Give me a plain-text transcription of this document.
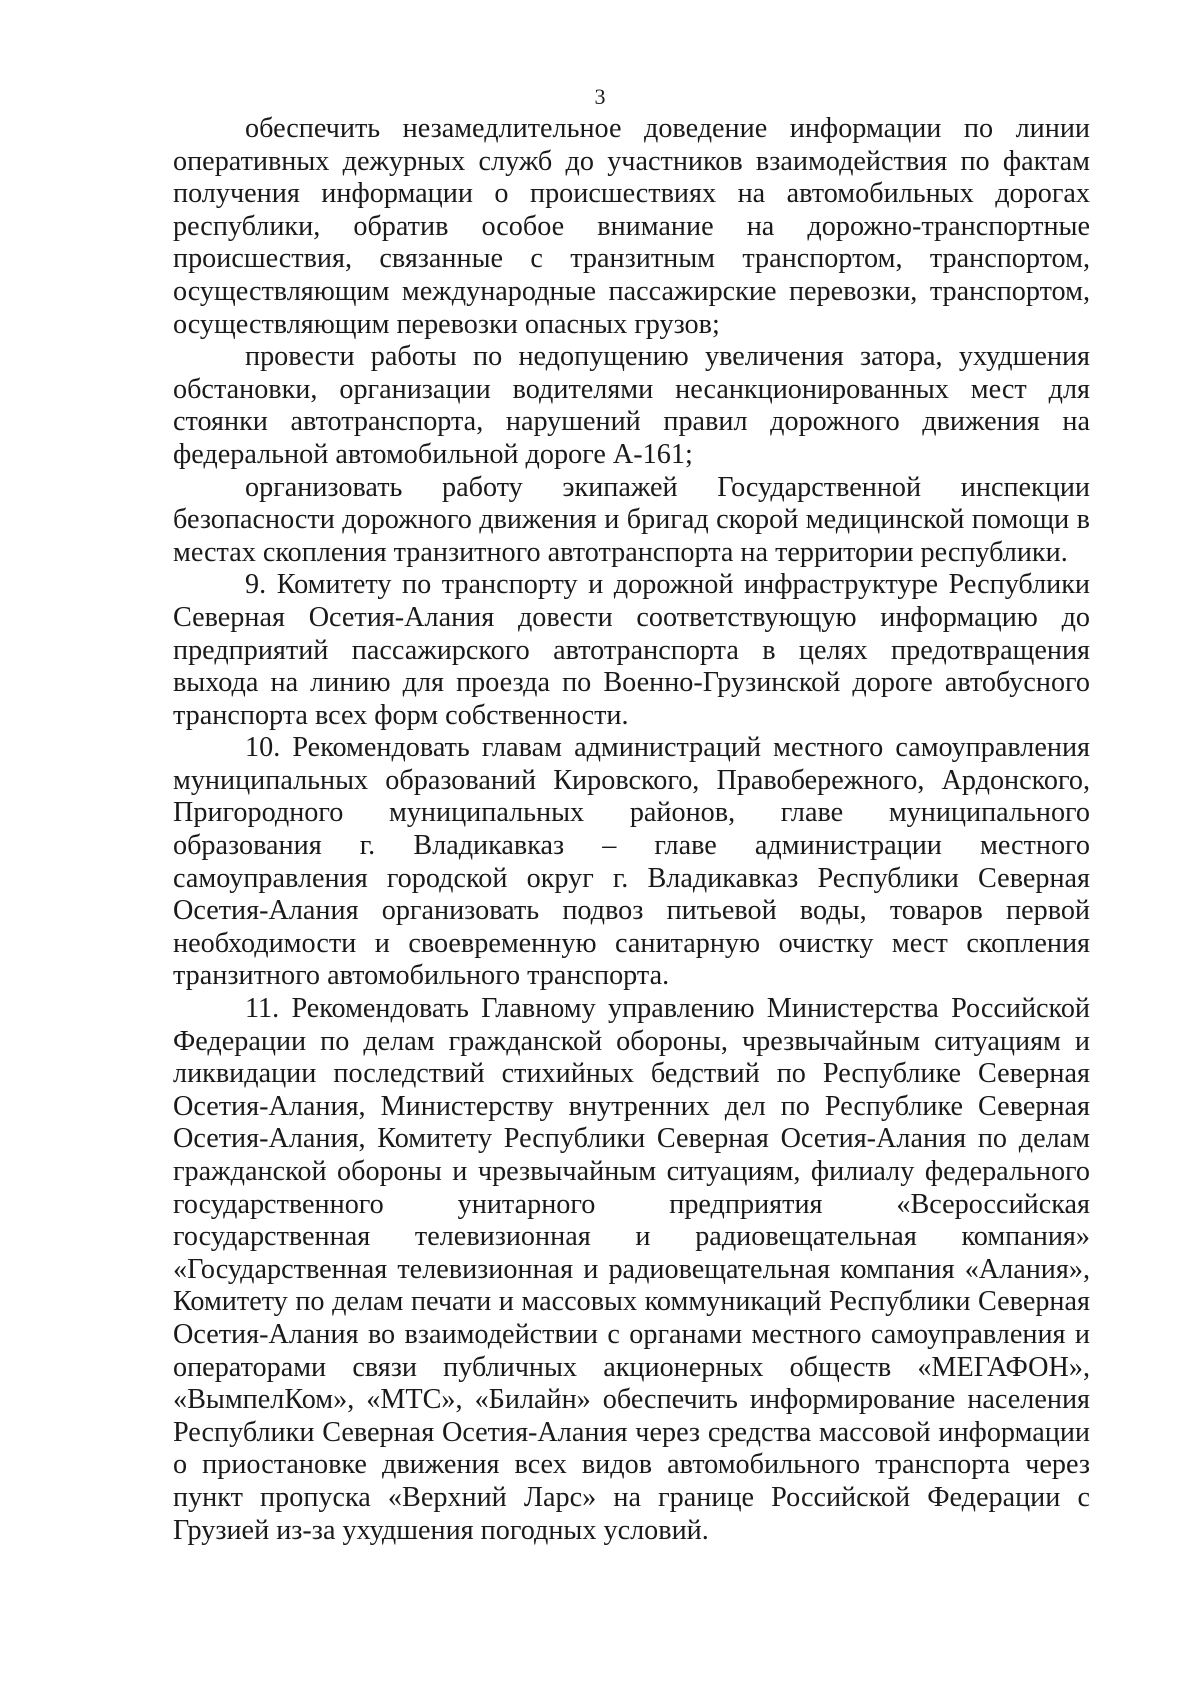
3

обеспечить незамедлительное доведение информации по линии оперативных дежурных служб до участников взаимодействия по фактам получения информации о происшествиях на автомобильных дорогах республики, обратив особое внимание на дорожно-транспортные происшествия, связанные с транзитным транспортом, транспортом, осуществляющим международные пассажирские перевозки, транспортом, осуществляющим перевозки опасных грузов;

провести работы по недопущению увеличения затора, ухудшения обстановки, организации водителями несанкционированных мест для стоянки автотранспорта, нарушений правил дорожного движения на федеральной автомобильной дороге А-161;

организовать работу экипажей Государственной инспекции безопасности дорожного движения и бригад скорой медицинской помощи в местах скопления транзитного автотранспорта на территории республики.

9. Комитету по транспорту и дорожной инфраструктуре Республики Северная Осетия-Алания довести соответствующую информацию до предприятий пассажирского автотранспорта в целях предотвращения выхода на линию для проезда по Военно-Грузинской дороге автобусного транспорта всех форм собственности.

10. Рекомендовать главам администраций местного самоуправления муниципальных образований Кировского, Правобережного, Ардонского, Пригородного муниципальных районов, главе муниципального образования г. Владикавказ – главе администрации местного самоуправления городской округ г. Владикавказ Республики Северная Осетия-Алания организовать подвоз питьевой воды, товаров первой необходимости и своевременную санитарную очистку мест скопления транзитного автомобильного транспорта.

11. Рекомендовать Главному управлению Министерства Российской Федерации по делам гражданской обороны, чрезвычайным ситуациям и ликвидации последствий стихийных бедствий по Республике Северная Осетия-Алания, Министерству внутренних дел по Республике Северная Осетия-Алания, Комитету Республики Северная Осетия-Алания по делам гражданской обороны и чрезвычайным ситуациям, филиалу федерального государственного унитарного предприятия «Всероссийская государственная телевизионная и радиовещательная компания» «Государственная телевизионная и радиовещательная компания «Алания», Комитету по делам печати и массовых коммуникаций Республики Северная Осетия-Алания во взаимодействии с органами местного самоуправления и операторами связи публичных акционерных обществ «МЕГАФОН», «ВымпелКом», «МТС», «Билайн» обеспечить информирование населения Республики Северная Осетия-Алания через средства массовой информации о приостановке движения всех видов автомобильного транспорта через пункт пропуска «Верхний Ларс» на границе Российской Федерации с Грузией из-за ухудшения погодных условий.
